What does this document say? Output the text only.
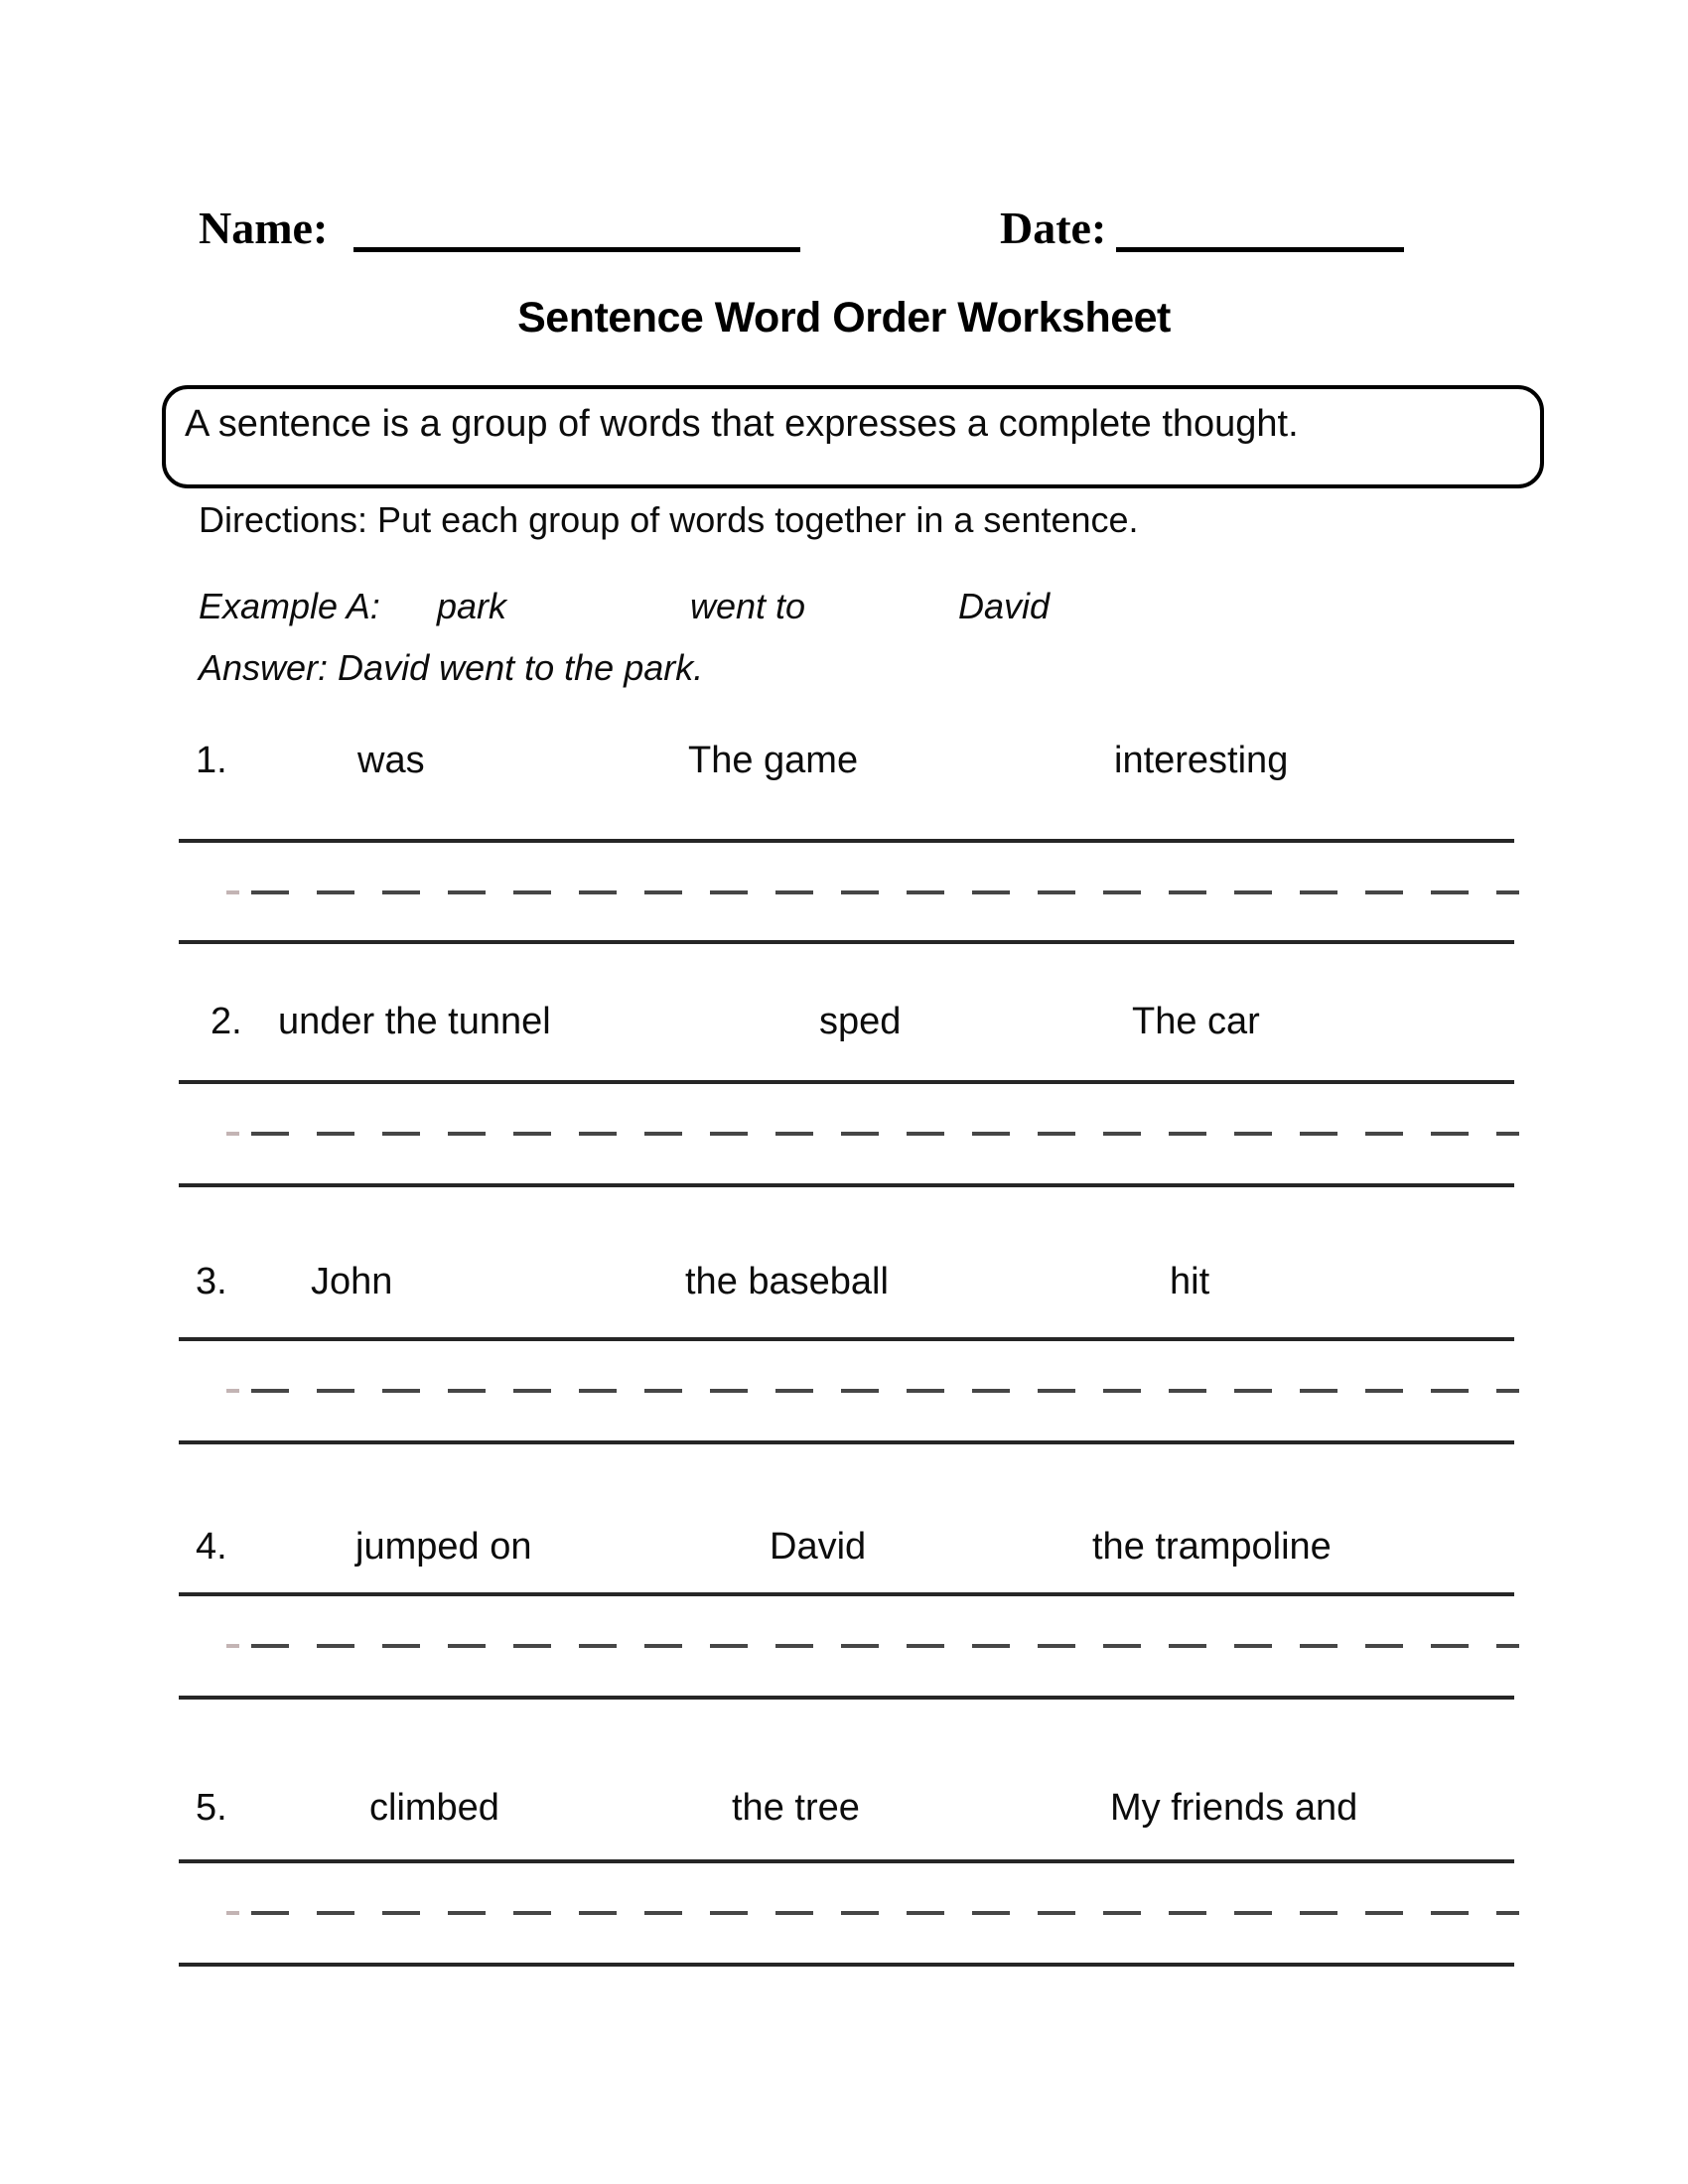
Name:	Date:
Sentence Word Order Worksheet
A sentence is a group of words that expresses a complete thought.
Directions: Put each group of words together in a sentence.
Example A: park	went to	David
Answer: David went to the park.
1.	was	The game	interesting
2. under the tunnel	sped	The car
3. John	the baseball	hit
4.	jumped on	David	the trampoline
5.	climbed	the tree	My friends and
